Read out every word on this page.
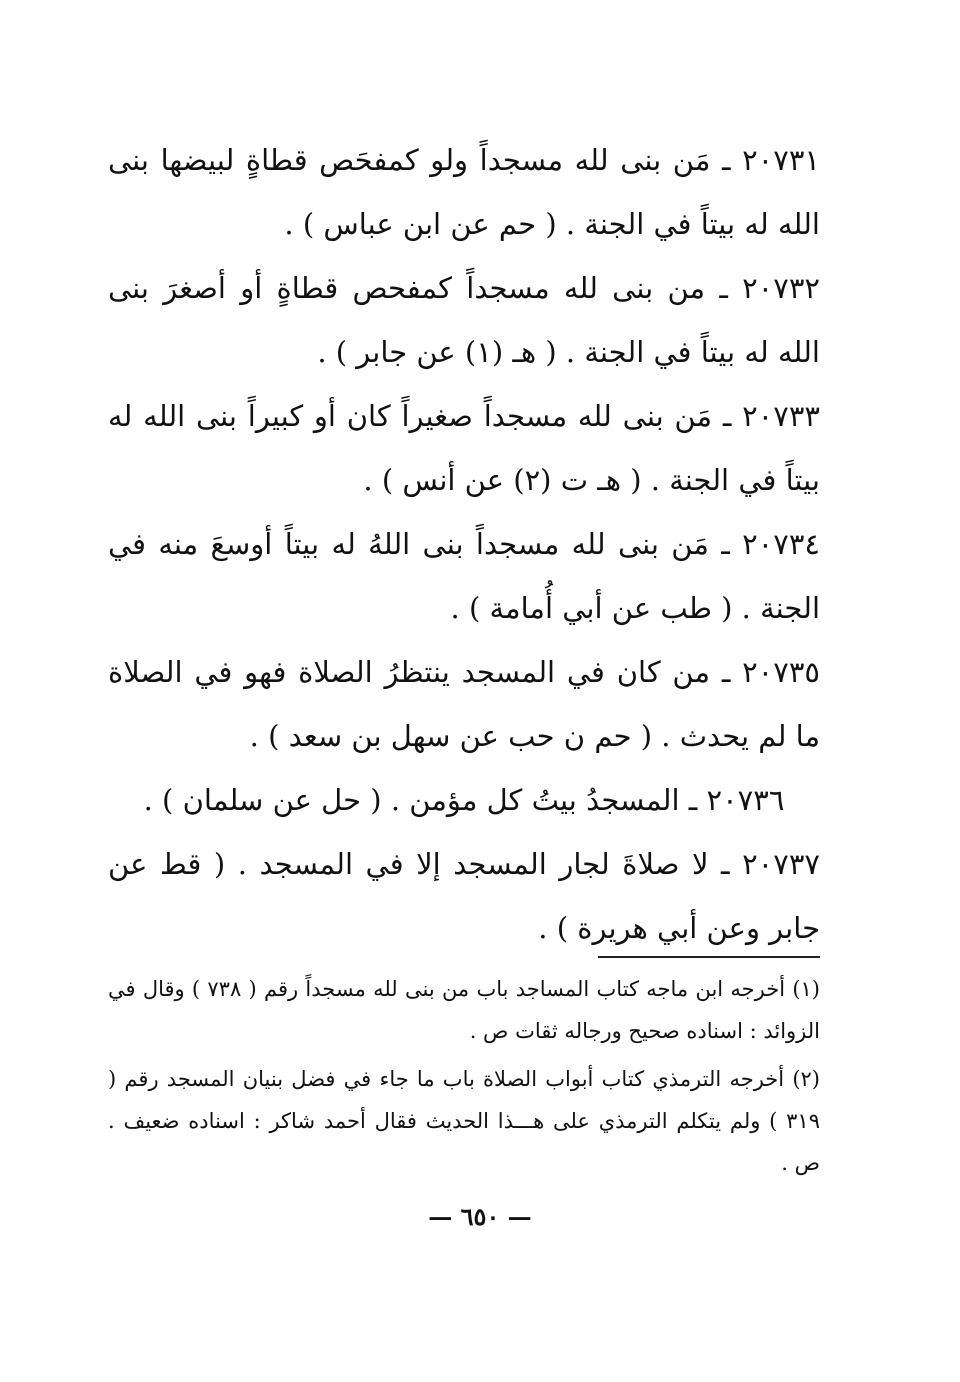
٢٠٧٣١ ـ مَن بنى لله مسجداً ولو كمفحَص قطاةٍ لبيضها بنى الله له بيتاً في الجنة . ( حم عن ابن عباس ) .

٢٠٧٣٢ ـ من بنى لله مسجداً كمفحص قطاةٍ أو أصغرَ بنى الله له بيتاً في الجنة . ( هـ (١) عن جابر ) .

٢٠٧٣٣ ـ مَن بنى لله مسجداً صغيراً كان أو كبيراً بنى الله له بيتاً في الجنة . ( هـ ت (٢) عن أنس ) .

٢٠٧٣٤ ـ مَن بنى لله مسجداً بنى اللهُ له بيتاً أوسعَ منه في الجنة . ( طب عن أبي أُمامة ) .

٢٠٧٣٥ ـ من كان في المسجد ينتظرُ الصلاة فهو في الصلاة ما لم يحدث . ( حم ن حب عن سهل بن سعد ) .

٢٠٧٣٦ ـ المسجدُ بيتُ كل مؤمن . ( حل عن سلمان ) .

٢٠٧٣٧ ـ لا صلاةَ لجار المسجد إلا في المسجد . ( قط عن جابر وعن أبي هريرة ) .

(١) أخرجه ابن ماجه كتاب المساجد باب من بنى لله مسجداً رقم ( ٧٣٨ ) وقال في الزوائد : اسناده صحيح ورجاله ثقات ص .

(٢) أخرجه الترمذي كتاب أبواب الصلاة باب ما جاء في فضل بنيان المسجد رقم ( ٣١٩ ) ولم يتكلم الترمذي على هـــذا الحديث فقال أحمد شاكر : اسناده ضعيف . ص .

— ٦٥٠ —
